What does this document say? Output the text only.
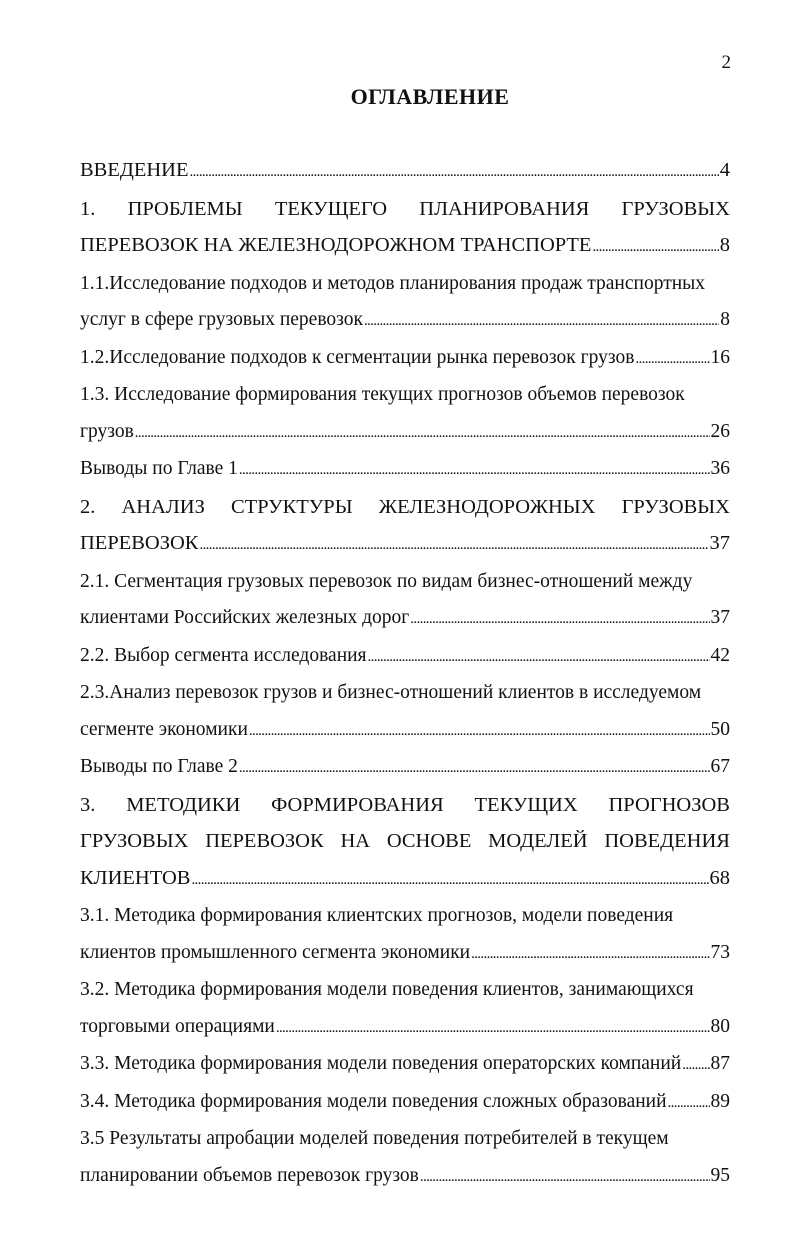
2
ОГЛАВЛЕНИЕ
ВВЕДЕНИЕ . . .	4
1. ПРОБЛЕМЫ ТЕКУЩЕГО ПЛАНИРОВАНИЯ ГРУЗОВЫХ
ПЕРЕВОЗОК НА ЖЕЛЕЗНОДОРОЖНОМ ТРАНСПОРТЕ . . .	8
1.1.Исследование подходов и методов планирования продаж транспортных
услуг в сфере грузовых перевозок . . .	8
1.2.Исследование подходов к сегментации рынка перевозок грузов . . .	16
1.3. Исследование формирования текущих прогнозов объемов перевозок
грузов . . .	26
Выводы по Главе 1 . . .	36
2. АНАЛИЗ СТРУКТУРЫ ЖЕЛЕЗНОДОРОЖНЫХ ГРУЗОВЫХ
ПЕРЕВОЗОК . . .	37
2.1. Сегментация грузовых перевозок по видам бизнес-отношений между
клиентами Российских железных дорог . . .	37
2.2. Выбор сегмента исследования . . .	42
2.3.Анализ перевозок грузов и бизнес-отношений клиентов в исследуемом
сегменте экономики . . .	50
Выводы по Главе 2 . . .	67
3. МЕТОДИКИ ФОРМИРОВАНИЯ ТЕКУЩИХ ПРОГНОЗОВ
ГРУЗОВЫХ ПЕРЕВОЗОК НА ОСНОВЕ МОДЕЛЕЙ ПОВЕДЕНИЯ
КЛИЕНТОВ . . .	68
3.1. Методика формирования клиентских прогнозов, модели поведения
клиентов промышленного сегмента экономики . . .	73
3.2. Методика формирования модели поведения клиентов, занимающихся
торговыми операциями . . .	80
3.3. Методика формирования модели поведения операторских компаний . . . 87
3.4. Методика формирования модели поведения сложных образований . . . 89
3.5 Результаты апробации моделей поведения потребителей в текущем
планировании объемов перевозок грузов . . .	95
